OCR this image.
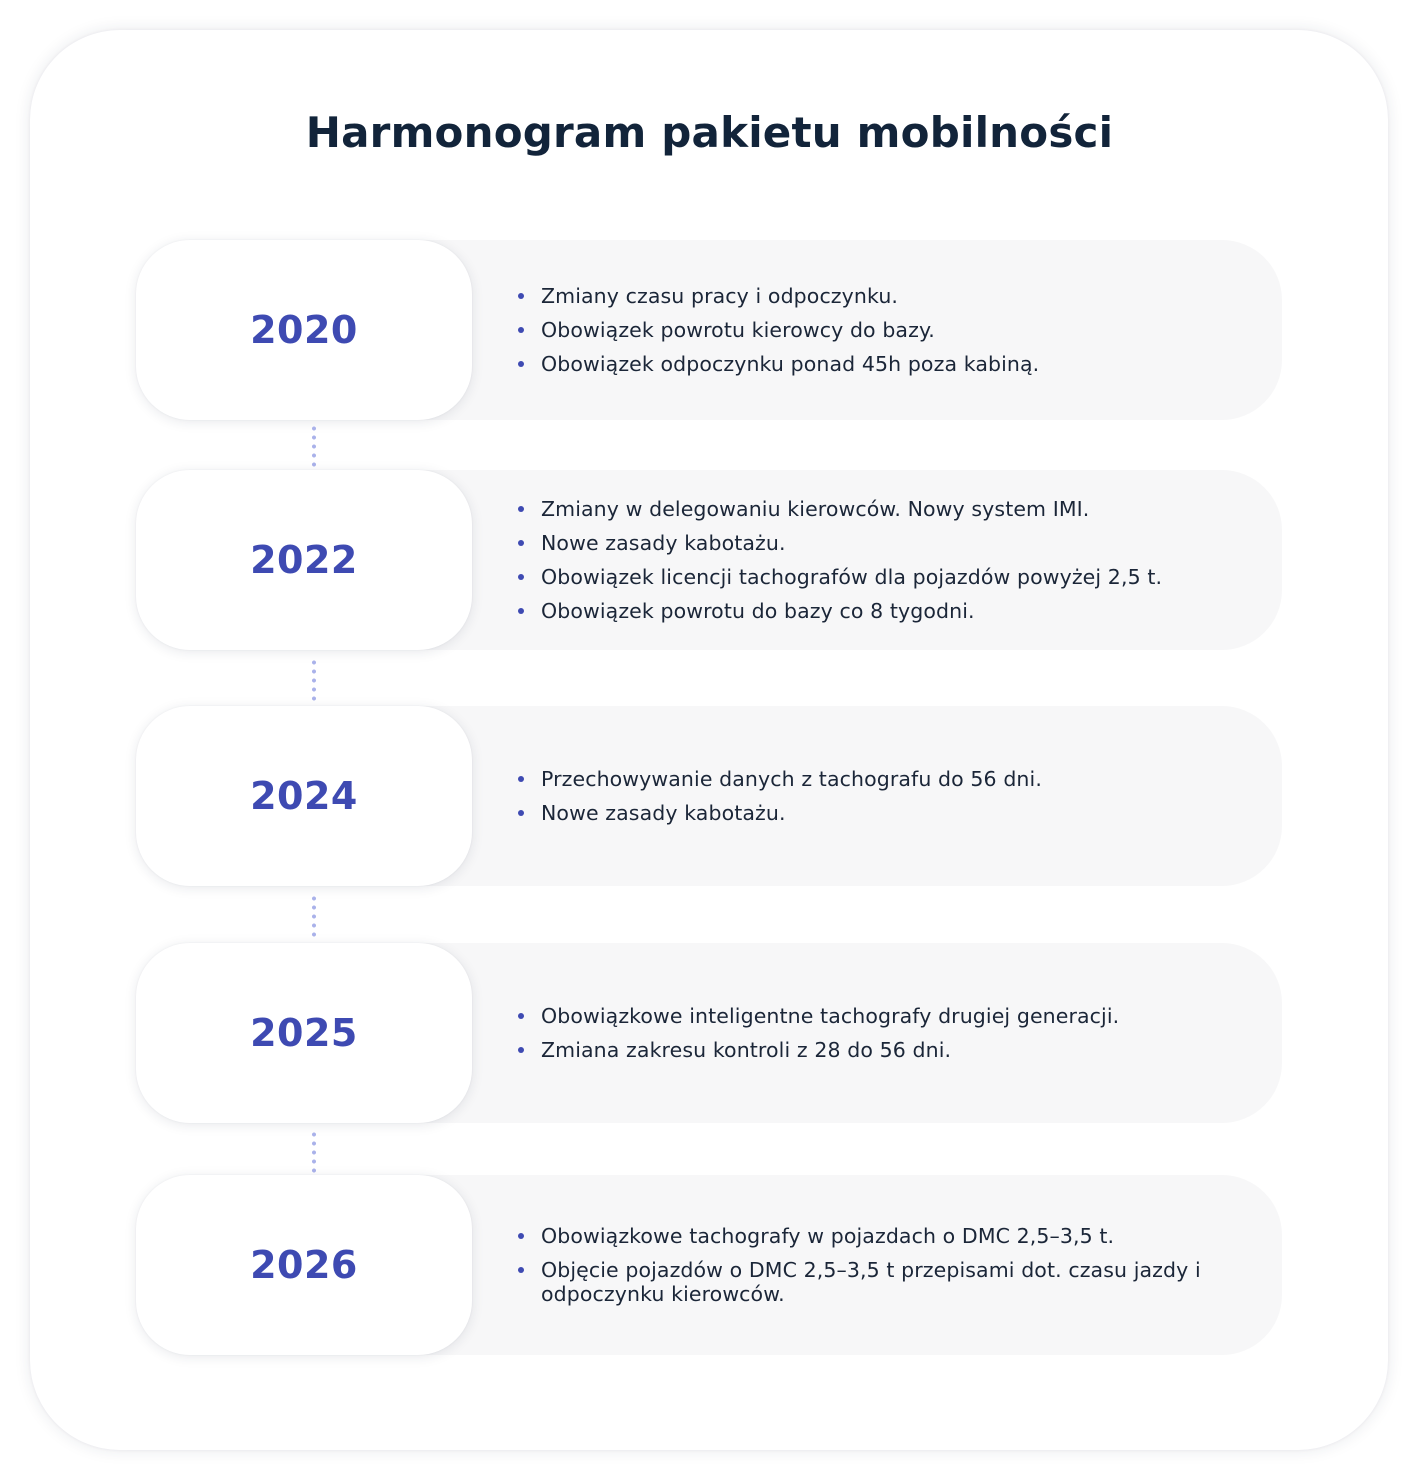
Harmonogram pakietu mobilności
2020
Zmiany czasu pracy i odpoczynku.
Obowiązek powrotu kierowcy do bazy.
Obowiązek odpoczynku ponad 45h poza kabiną.
2022
Zmiany w delegowaniu kierowców. Nowy system IMI.
Nowe zasady kabotażu.
Obowiązek licencji tachografów dla pojazdów powyżej 2,5 t.
Obowiązek powrotu do bazy co 8 tygodni.
2024	Przechowywanie danych z tachografu do 56 dni.
Nowe zasady kabotażu.
2025	Obowiązkowe inteligentne tachografy drugiej generacji.
Zmiana zakresu kontroli z 28 do 56 dni.
2026
Obowiązkowe tachografy w pojazdach o DMC 2,5–3,5 t.
Objęcie pojazdów o DMC 2,5–3,5 t przepisami dot. czasu jazdy i odpoczynku kierowców.
